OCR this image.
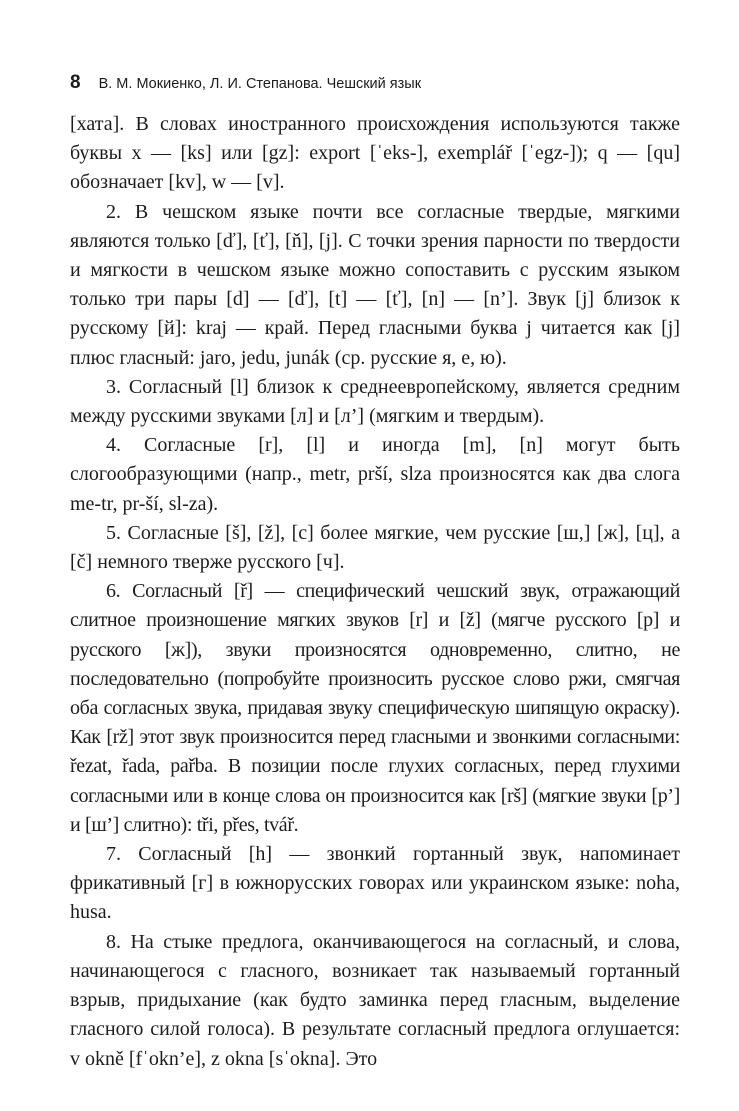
8 В. М. Мокиенко, Л. И. Степанова. Чешский язык

[хата]. В словах иностранного происхождения используются также буквы x — [ks] или [gz]: export [ˈeks-], exemplář [ˈegz-]); q — [qu] обозначает [kv], w — [v].

2. В чешском языке почти все согласные твердые, мягкими являются только [ď], [ť], [ň], [j]. С точки зрения парности по твердости и мягкости в чешском языке можно сопоставить с русским языком только три пары [d] — [ď], [t] — [ť], [n] — [n’]. Звук [j] близок к русскому [й]: kraj — край. Перед гласными буква j читается как [j] плюс гласный: jaro, jedu, junák (ср. русские я, е, ю).

3. Согласный [l] близок к среднеевропейскому, является средним между русскими звуками [л] и [л’] (мягким и твердым).

4. Согласные [r], [l] и иногда [m], [n] могут быть слогообразующими (напр., metr, prší, slza произносятся как два слога me-tr, pr-ší, sl-za).

5. Согласные [š], [ž], [c] более мягкие, чем русские [ш,] [ж], [ц], а [č] немного тверже русского [ч].

6. Согласный [ř] — специфический чешский звук, отражающий слитное произношение мягких звуков [r] и [ž] (мягче русского [р] и русского [ж]), звуки произносятся одновременно, слитно, не последовательно (попробуйте произносить русское слово ржи, смягчая оба согласных звука, придавая звуку специфическую шипящую окраску). Как [rž] этот звук произносится перед гласными и звонкими согласными: řezat, řada, pařba. В позиции после глухих согласных, перед глухими согласными или в конце слова он произносится как [rš] (мягкие звуки [р’] и [ш’] слитно): tři, přes, tvář.

7. Согласный [h] — звонкий гортанный звук, напоминает фрикативный [г] в южнорусских говорах или украинском языке: noha, husa.

8. На стыке предлога, оканчивающегося на согласный, и слова, начинающегося с гласного, возникает так называемый гортанный взрыв, придыхание (как будто заминка перед гласным, выделение гласного силой голоса). В результате согласный предлога оглушается: v okně [fˈokn’e], z okna [sˈokna]. Это
